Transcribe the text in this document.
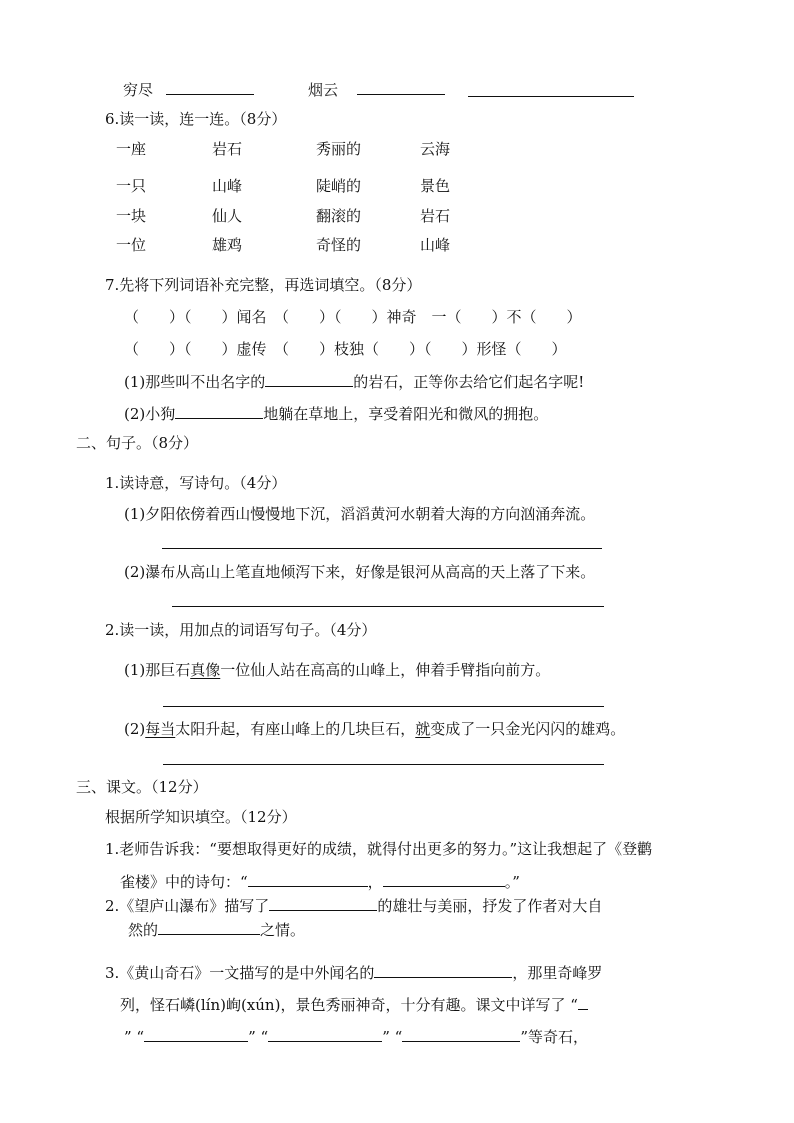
穷尽	烟云
6.读一读，连一连。（8分）
一座	岩石	秀丽的	云海
一只	山峰	陡峭的	景色
一块	仙人	翻滚的	岩石
一位	雄鸡	奇怪的	山峰
7.先将下列词语补充完整，再选词填空。（8分）
（　　）（　　）闻名　（　　）（　　）神奇　一（　　）不（　　）
（　　）（　　）虚传　（　　）枝独（　　）（　　）形怪（　　）
(1)那些叫不出名字的	的岩石，正等你去给它们起名字呢!
(2)小狗	地躺在草地上，享受着阳光和微风的拥抱。
二、句子。（8分）
1.读诗意，写诗句。（4分）
(1)夕阳依傍着西山慢慢地下沉，滔滔黄河水朝着大海的方向汹涌奔流。
(2)瀑布从高山上笔直地倾泻下来，好像是银河从高高的天上落了下来。
2.读一读，用加点的词语写句子。（4分）
(1)那巨石真像一位仙人站在高高的山峰上，伸着手臂指向前方。
(2)每当太阳升起，有座山峰上的几块巨石，就变成了一只金光闪闪的雄鸡。
三、课文。（12分）
根据所学知识填空。（12分）
1.老师告诉我：“要想取得更好的成绩，就得付出更多的努力。”这让我想起了《登鹳
雀楼》中的诗句：“	，	。”
2.《望庐山瀑布》描写了	的雄壮与美丽，抒发了作者对大自
然的	之情。
3.《黄山奇石》一文描写的是中外闻名的	，那里奇峰罗
列，怪石嶙(lín)峋(xún)，景色秀丽神奇，十分有趣。课文中详写了 “
” “	” “	” “	”等奇石，
